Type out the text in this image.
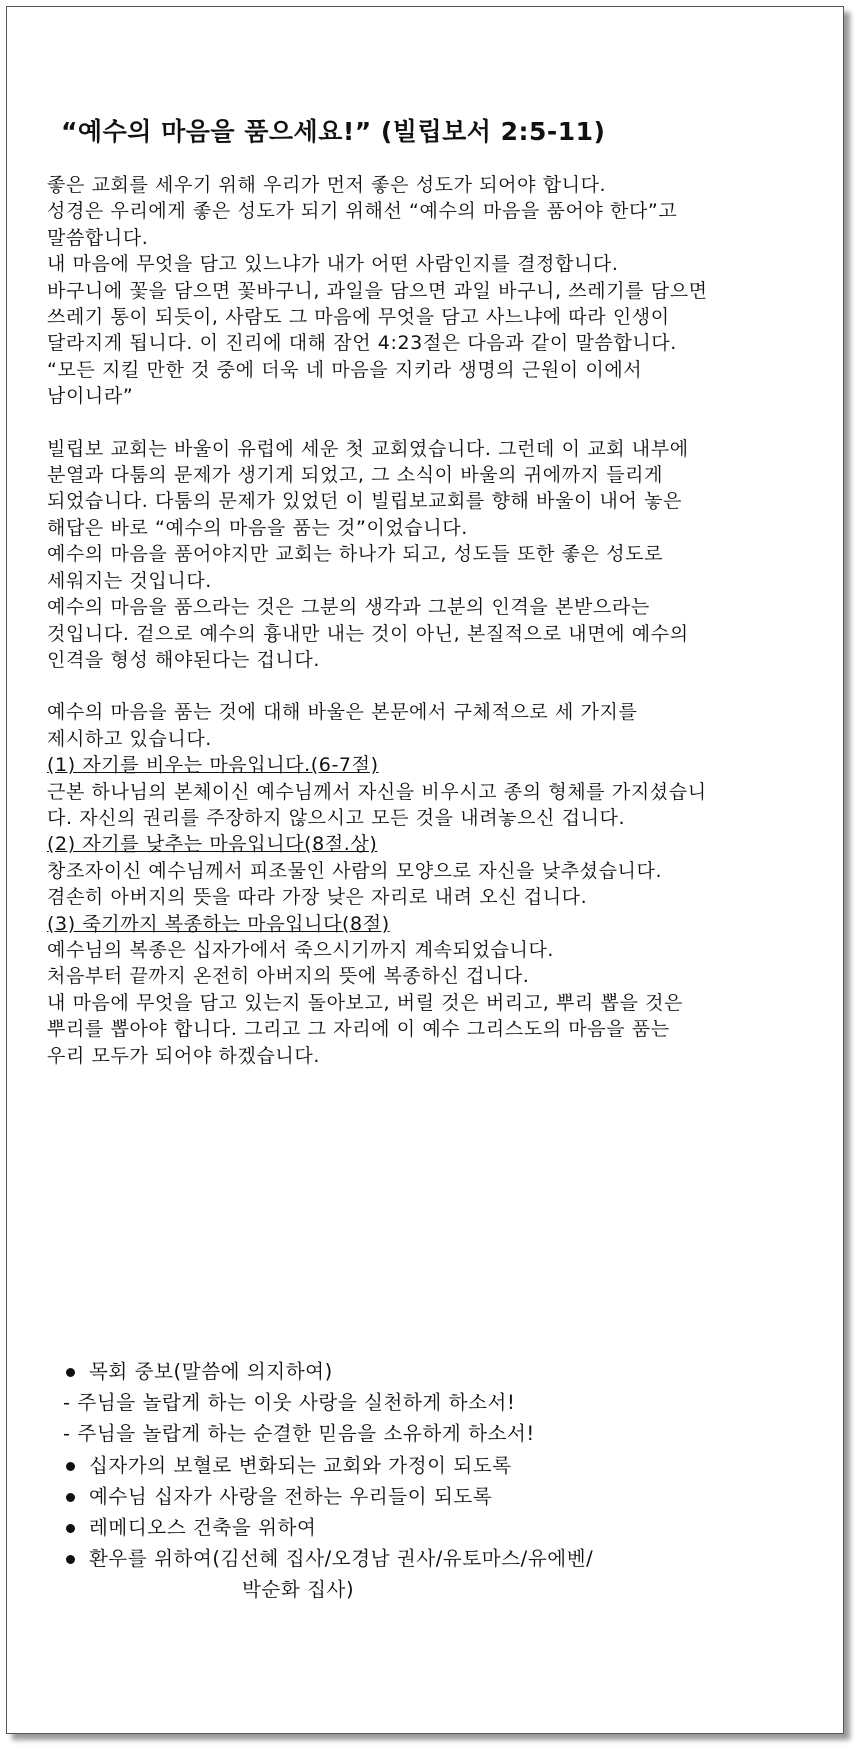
“예수의 마음을 품으세요!” (빌립보서 2:5-11)
좋은 교회를 세우기 위해 우리가 먼저 좋은 성도가 되어야 합니다.
성경은 우리에게 좋은 성도가 되기 위해선 “예수의 마음을 품어야 한다”고
말씀합니다.
내 마음에 무엇을 담고 있느냐가 내가 어떤 사람인지를 결정합니다.
바구니에 꽃을 담으면 꽃바구니, 과일을 담으면 과일 바구니, 쓰레기를 담으면
쓰레기 통이 되듯이, 사람도 그 마음에 무엇을 담고 사느냐에 따라 인생이
달라지게 됩니다. 이 진리에 대해 잠언 4:23절은 다음과 같이 말씀합니다.
“모든 지킬 만한 것 중에 더욱 네 마음을 지키라 생명의 근원이 이에서
남이니라”
빌립보 교회는 바울이 유럽에 세운 첫 교회였습니다. 그런데 이 교회 내부에
분열과 다툼의 문제가 생기게 되었고, 그 소식이 바울의 귀에까지 들리게
되었습니다. 다툼의 문제가 있었던 이 빌립보교회를 향해 바울이 내어 놓은
해답은 바로 “예수의 마음을 품는 것”이었습니다.
예수의 마음을 품어야지만 교회는 하나가 되고, 성도들 또한 좋은 성도로
세워지는 것입니다.
예수의 마음을 품으라는 것은 그분의 생각과 그분의 인격을 본받으라는
것입니다. 겉으로 예수의 흉내만 내는 것이 아닌, 본질적으로 내면에 예수의
인격을 형성 해야된다는 겁니다.
예수의 마음을 품는 것에 대해 바울은 본문에서 구체적으로 세 가지를
제시하고 있습니다.
(1) 자기를 비우는 마음입니다.(6-7절)
근본 하나님의 본체이신 예수님께서 자신을 비우시고 종의 형체를 가지셨습니
다. 자신의 권리를 주장하지 않으시고 모든 것을 내려놓으신 겁니다.
(2) 자기를 낮추는 마음입니다(8절.상)
창조자이신 예수님께서 피조물인 사람의 모양으로 자신을 낮추셨습니다.
겸손히 아버지의 뜻을 따라 가장 낮은 자리로 내려 오신 겁니다.
(3) 죽기까지 복종하는 마음입니다(8절)
예수님의 복종은 십자가에서 죽으시기까지 계속되었습니다.
처음부터 끝까지 온전히 아버지의 뜻에 복종하신 겁니다.
내 마음에 무엇을 담고 있는지 돌아보고, 버릴 것은 버리고, 뿌리 뽑을 것은
뿌리를 뽑아야 합니다. 그리고 그 자리에 이 예수 그리스도의 마음을 품는
우리 모두가 되어야 하겠습니다.
목회 중보(말씀에 의지하여)
- 주님을 놀랍게 하는 이웃 사랑을 실천하게 하소서!
- 주님을 놀랍게 하는 순결한 믿음을 소유하게 하소서!
십자가의 보혈로 변화되는 교회와 가정이 되도록
예수님 십자가 사랑을 전하는 우리들이 되도록
레메디오스 건축을 위하여
환우를 위하여(김선혜 집사/오경남 권사/유토마스/유에벤/
박순화 집사)
